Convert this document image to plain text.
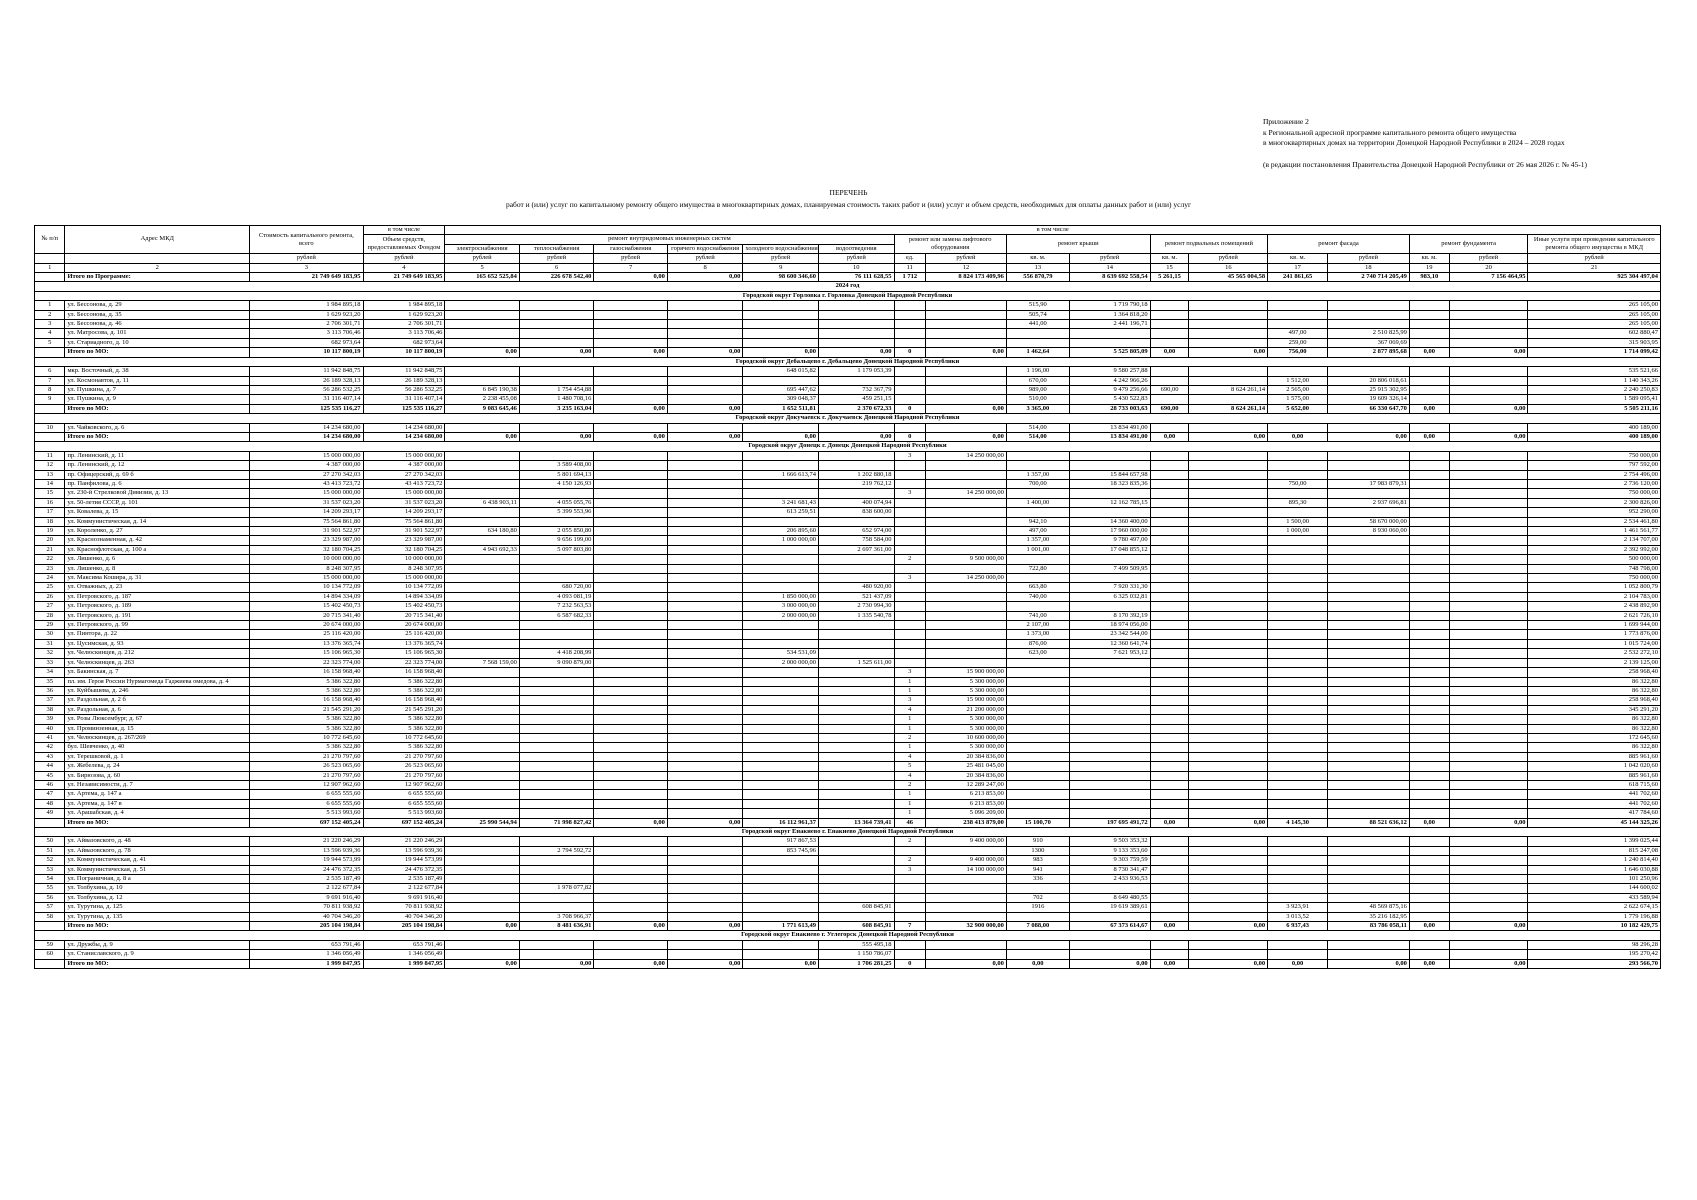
Приложение 2
к Региональной адресной программе капитального ремонта общего имущества
в многоквартирных домах на территории Донецкой Народной Республики в 2024 – 2028 годах
(в редакции постановления Правительства Донецкой Народной Республики от 26 мая 2026 г. № 45-1)
ПЕРЕЧЕНЬ
работ и (или) услуг по капитальному ремонту общего имущества в многоквартирных домах, планируемая стоимость таких работ и (или) услуг и объем средств, необходимых для оплаты данных работ и (или) услуг
№ п/п	Адрес МКД	Стоимость капитального ремонта, всего	в том числе	в том числе																
			Объем средств, предоставляемых Фондом	ремонт внутридомовых инженерных систем						ремонт или замена лифтового оборудования		ремонт крыши		ремонт подвальных помещений		ремонт фасада		ремонт фундамента		Иные услуги при проведении капитального ремонта общего имущества в МКД
				электроснабжения	теплоснабжения	газоснабжения	горячего водоснабжения	холодного водоснабжения	водоотведения											
		рублей	рублей	рублей	рублей	рублей	рублей	рублей	рублей	ед.	рублей	кв. м.	рублей	кв. м.	рублей	кв. м.	рублей	кв. м.	рублей	рублей
1	2	3	4	5	6	7	8	9	10	11	12	13	14	15	16	17	18	19	20	21
	Итого по Программе:	21 749 649 183,95	21 749 649 183,95	165 652 525,84	226 678 542,40	0,00	0,00	98 600 346,60	76 111 628,55	1 712	8 824 173 409,96	556 870,79	8 639 692 558,54	5 261,15	45 565 004,58	241 861,65	2 740 714 205,49	983,10	7 156 464,95	925 304 497,04
2024 год																				
Городской округ Горловка г. Горловка Донецкой Народной Республики																				
1	ул. Бессонова, д. 29	1 984 895,18	1 984 895,18									515,90	1 719 790,18							265 105,00
2	ул. Бессонова, д. 35	1 629 923,20	1 629 923,20									505,74	1 364 818,20							265 105,00
3	ул. Бессонова, д. 46	2 706 301,71	2 706 301,71									441,00	2 441 196,71							265 105,00
4	ул. Матросова, д. 101	3 113 706,46	3 113 706,46													497,00	2 510 825,99			602 880,47
5	ул. Стариадного, д. 10	682 973,64	682 973,64													259,00	367 069,69			315 903,95
	Итого по МО:	10 117 800,19	10 117 800,19	0,00	0,00	0,00	0,00	0,00	0,00	0	0,00	1 462,64	5 525 805,09	0,00	0,00	756,00	2 877 895,68	0,00	0,00	1 714 099,42
Городской округ Дебальцево г. Дебальцево Донецкой Народной Республики																				
6	мкр. Восточный, д. 38	11 942 848,75	11 942 848,75					648 015,82	1 179 053,39			1 196,00	9 580 257,88							535 521,66
7	ул. Космонавтов, д. 11	26 189 328,13	26 189 328,13									670,00	4 242 966,26			1 512,00	20 806 018,61			1 140 343,26
8	ул. Пушкина, д. 7	56 286 532,25	56 286 532,25	6 845 190,38	1 754 454,88			695 447,62	732 367,79			989,00	9 479 256,66	690,00	8 624 261,14	2 565,00	25 915 302,95			2 240 250,83
9	ул. Пушкина, д. 9	31 116 407,14	31 116 407,14	2 238 455,08	1 480 708,16			309 048,37	459 251,15			510,00	5 430 522,83			1 575,00	19 609 326,14			1 589 095,41
	Итого по МО:	125 535 116,27	125 535 116,27	9 083 645,46	3 235 163,04	0,00	0,00	1 652 511,81	2 370 672,33	0	0,00	3 365,00	28 733 003,63	690,00	8 624 261,14	5 652,00	66 330 647,70	0,00	0,00	5 505 211,16
Городской округ Докучаевск г. Докучаевск Донецкой Народной Республики																				
10	ул. Чайковского, д. 6	14 234 680,00	14 234 680,00									514,00	13 834 491,00							400 189,00
	Итого по МО:	14 234 680,00	14 234 680,00	0,00	0,00	0,00	0,00	0,00	0,00	0	0,00	514,00	13 834 491,00	0,00	0,00	0,00	0,00	0,00	0,00	400 189,00
Городской округ Донецк г. Донецк Донецкой Народной Республики																				
11	пр. Ленинский, д. 11	15 000 000,00	15 000 000,00							3	14 250 000,00									750 000,00
12	пр. Ленинский, д. 12	4 387 000,00	4 387 000,00		3 589 408,00															797 592,00
13	пр. Офицерский, д. 69 б	27 270 342,03	27 270 342,03		5 801 694,13			1 666 613,74	1 202 880,18			1 357,00	15 844 657,98							2 754 496,00
14	пр. Панфилова, д. 6	43 413 723,72	43 413 723,72		4 150 126,93				219 762,12			700,00	18 323 835,36			750,00	17 983 879,31			2 736 120,00
15	ул. 230-й Стрелковой Дивизии, д. 13	15 000 000,00	15 000 000,00							3	14 250 000,00									750 000,00
16	ул. 50-летия СССР, д. 101	31 537 023,20	31 537 023,20	6 438 903,11	4 055 055,76			3 241 681,43	400 074,94			1 400,00	12 162 785,15			895,30	2 937 696,81			2 300 826,00
17	ул. Ковалева, д. 15	14 209 293,17	14 209 293,17		5 399 553,96			613 259,51	838 600,00											952 290,00
18	ул. Коммунистическая, д. 14	75 564 861,80	75 564 861,80									942,10	14 360 400,00			1 500,00	58 670 000,00			2 534 461,80
19	ул. Короленко, д. 27	31 901 522,97	31 901 522,97	634 180,80	2 055 850,80			206 895,60	652 974,00			497,00	17 960 000,00			1 000,00	8 930 060,00			1 461 561,77
20	ул. Краснознаменная, д. 42	23 329 987,00	23 329 987,00		9 656 199,00			1 000 000,00	758 584,00			1 357,00	9 780 497,00							2 134 707,00
21	ул. Краснофлотская, д. 100 а	32 180 704,25	32 180 704,25	4 943 692,33	5 097 803,80				2 697 361,00			1 001,00	17 048 855,12							2 392 992,00
22	ул. Лишенко, д. 6	10 000 000,00	10 000 000,00							2	9 500 000,00									500 000,00
23	ул. Лишенко, д. 8	8 248 307,95	8 248 307,95									722,80	7 499 509,95							748 798,00
24	ул. Максима Кошира, д. 31	15 000 000,00	15 000 000,00							3	14 250 000,00									750 000,00
25	ул. Отважных, д. 23	10 134 772,09	10 134 772,09		680 720,00				480 920,00			663,80	7 920 331,30							1 052 800,79
26	ул. Петровского, д. 187	14 894 334,09	14 894 334,09		4 093 081,19			1 850 000,00	521 437,09			740,00	6 325 032,81							2 104 783,00
27	ул. Петровского, д. 189	15 402 450,73	15 402 450,73		7 232 563,53			3 000 000,00	2 730 994,30											2 438 892,90
28	ул. Петровского, д. 191	20 715 341,40	20 715 341,40		6 587 682,33			2 000 000,00	1 335 540,78			741,00	8 170 392,19							2 621 726,10
29	ул. Петровского, д. 99	20 674 000,00	20 674 000,00									2 107,00	18 974 056,00							1 699 944,00
30	ул. Пинтора, д. 22	25 116 420,00	25 116 420,00									1 373,00	23 342 544,00							1 773 876,00
31	ул. Цусимская, д. 93	13 376 365,74	13 376 365,74									876,00	12 360 641,74							1 015 724,00
32	ул. Челюскинцев, д. 212	15 106 965,30	15 106 965,30		4 418 208,99			534 531,09				623,00	7 621 953,12							2 532 272,10
33	ул. Челюскинцев, д. 263	22 323 774,00	22 323 774,00	7 568 159,00	9 090 879,00			2 000 000,00	1 525 611,00											2 139 125,00
34	ул. Бакинская, д. 7	16 158 968,40	16 158 968,40							3	15 900 000,00									258 968,40
35	пл. им. Героя России Нурмагомеда Гаджиева омедова, д. 4	5 386 322,80	5 386 322,80							1	5 300 000,00									86 322,80
36	ул. Куйбышева, д. 246	5 386 322,80	5 386 322,80							1	5 300 000,00									86 322,80
37	ул. Раздольная, д. 2 б	16 158 968,40	16 158 968,40							3	15 900 000,00									258 968,40
38	ул. Раздольная, д. 6	21 545 291,20	21 545 291,20							4	21 200 000,00									345 291,20
39	ул. Розы Люксембург, д. 67	5 386 322,80	5 386 322,80							1	5 300 000,00									86 322,80
40	ул. Проминзенная, д. 15	5 386 322,80	5 386 322,80							1	5 300 000,00									86 322,80
41	ул. Челюскинцев, д. 267/269	10 772 645,60	10 772 645,60							2	10 600 000,00									172 645,60
42	бул. Шевченко, д. 40	5 386 322,80	5 386 322,80							1	5 300 000,00									86 322,80
43	ул. Терешковой, д. 1	21 270 797,60	21 270 797,60							4	20 384 836,00									885 961,60
44	ул. Жебелева, д. 24	26 523 065,60	26 523 065,60							5	25 481 045,00									1 042 020,60
45	ул. Бирюзова, д. 60	21 270 797,60	21 270 797,60							4	20 384 836,00									885 961,60
46	ул. Независимости, д. 7	12 907 962,60	12 907 962,60							2	12 289 247,00									618 715,60
47	ул. Артема, д. 147 а	6 655 555,60	6 655 555,60							1	6 213 853,00									441 702,60
48	ул. Артема, д. 147 в	6 655 555,60	6 655 555,60							1	6 213 853,00									441 702,60
49	ул. Арашабская, д. 4	5 513 993,60	5 513 993,60							1	5 096 209,00									417 784,60
	Итого по МО:	697 152 405,24	697 152 405,24	25 990 544,94	71 998 827,42	0,00	0,00	16 112 961,37	13 364 739,41	46	238 413 879,00	15 100,70	197 695 491,72	0,00	0,00	4 145,30	88 521 636,12	0,00	0,00	45 144 325,26
Городской округ Енакиево г. Енакиево Донецкой Народной Республики																				
50	ул. Айвазовского, д. 48	21 220 246,29	21 220 246,29					917 867,53		2	9 400 000,00	910	9 503 353,32							1 399 025,44
51	ул. Айвазовского, д. 78	13 596 939,36	13 596 939,36		2 794 592,72			853 745,96				1300	9 133 353,60							815 247,08
52	ул. Коммунистическая, д. 41	19 944 573,99	19 944 573,99							2	9 400 000,00	983	9 303 759,59							1 240 814,40
53	ул. Коммунистическая, д. 51	24 476 372,35	24 476 372,35							3	14 100 000,00	941	8 730 341,47							1 646 030,88
54	ул. Пограничная, д. 8 а	2 535 187,49	2 535 187,49									336	2 433 936,53							101 250,96
55	ул. Толбухина, д. 10	2 122 677,84	2 122 677,84		1 978 077,82															144 600,02
56	ул. Толбухина, д. 12	9 691 916,40	9 691 916,40									702	8 649 480,55							433 589,94
57	ул. Турутина, д. 125	70 811 938,92	70 811 938,92						608 845,91			1916	19 619 389,61			3 923,91	48 569 875,16			2 622 674,15
58	ул. Турутина, д. 135	40 704 346,20	40 704 346,20		3 708 966,37											3 013,52	35 216 182,95			1 779 196,88
	Итого по МО:	205 104 198,84	205 104 198,84	0,00	8 481 636,91	0,00	0,00	1 771 613,49	608 845,91	7	32 900 000,00	7 088,00	67 373 614,67	0,00	0,00	6 937,43	83 786 058,11	0,00	0,00	10 182 429,75
Городской округ Енакиево г. Углегорск Донецкой Народной Республики																				
59	ул. Дружбы, д. 9	653 791,46	653 791,46						555 495,18											98 296,28
60	ул. Станиславского, д. 9	1 346 056,49	1 346 056,49						1 150 786,07											195 270,42
	Итого по МО:	1 999 847,95	1 999 847,95	0,00	0,00	0,00	0,00	0,00	1 706 281,25	0	0,00	0,00	0,00	0,00	0,00	0,00	0,00	0,00	0,00	293 566,70
